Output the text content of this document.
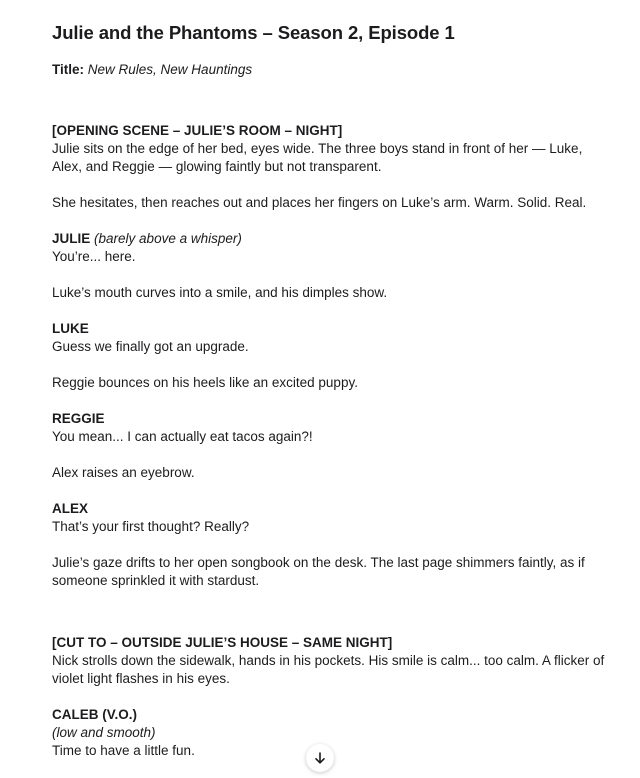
Julie and the Phantoms – Season 2, Episode 1
Title: New Rules, New Hauntings

[OPENING SCENE – JULIE’S ROOM – NIGHT]

Julie sits on the edge of her bed, eyes wide. The three boys stand in front of her — Luke, Alex, and Reggie — glowing faintly but not transparent.

She hesitates, then reaches out and places her fingers on Luke’s arm. Warm. Solid. Real.

JULIE (barely above a whisper)

You’re... here.

Luke’s mouth curves into a smile, and his dimples show.

LUKE

Guess we finally got an upgrade.

Reggie bounces on his heels like an excited puppy.

REGGIE

You mean... I can actually eat tacos again?!

Alex raises an eyebrow.

ALEX

That’s your first thought? Really?

Julie’s gaze drifts to her open songbook on the desk. The last page shimmers faintly, as if someone sprinkled it with stardust.

[CUT TO – OUTSIDE JULIE’S HOUSE – SAME NIGHT]

Nick strolls down the sidewalk, hands in his pockets. His smile is calm... too calm. A flicker of violet light flashes in his eyes.

CALEB (V.O.)

(low and smooth)

Time to have a little fun.
